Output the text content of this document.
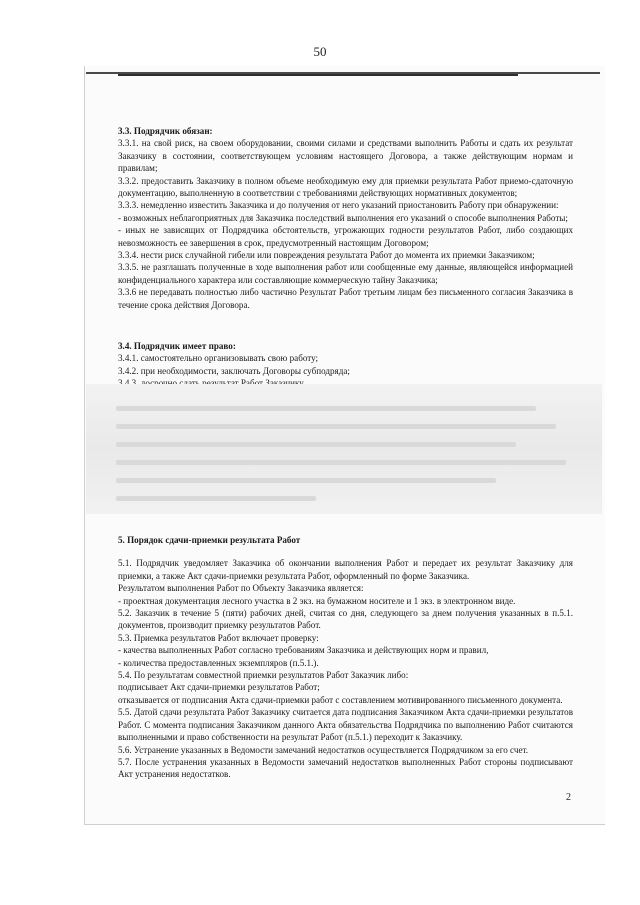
50

3.3. Подрядчик обязан:

3.3.1. на свой риск, на своем оборудовании, своими силами и средствами выполнить Работы и сдать их результат Заказчику в состоянии, соответствующем условиям настоящего Договора, а также действующим нормам и правилам;

3.3.2. предоставить Заказчику в полном объеме необходимую ему для приемки результата Работ приемо-сдаточную документацию, выполненную в соответствии с требованиями действующих нормативных документов;

3.3.3. немедленно известить Заказчика и до получения от него указаний приостановить Работу при обнаружении:

- возможных неблагоприятных для Заказчика последствий выполнения его указаний о способе выполнения Работы;

- иных не зависящих от Подрядчика обстоятельств, угрожающих годности результатов Работ, либо создающих невозможность ее завершения в срок, предусмотренный настоящим Договором;

3.3.4. нести риск случайной гибели или повреждения результата Работ до момента их приемки Заказчиком;

3.3.5. не разглашать полученные в ходе выполнения работ или сообщенные ему данные, являющейся информацией конфиденциального характера или составляющие коммерческую тайну Заказчика;

3.3.6 не передавать полностью либо частично Результат Работ третьим лицам без письменного согласия Заказчика в течение срока действия Договора.

3.4. Подрядчик имеет право:

3.4.1. самостоятельно организовывать свою работу;

3.4.2. при необходимости, заключать Договоры субподряда;

5. Порядок сдачи-приемки результата Работ

5.1. Подрядчик уведомляет Заказчика об окончании выполнения Работ и передает их результат Заказчику для приемки, а также Акт сдачи-приемки результата Работ, оформленный по форме Заказчика.

Результатом выполнения Работ по Объекту Заказчика является:

- проектная документация лесного участка в 2 экз. на бумажном носителе и 1 экз. в электронном виде.

5.2. Заказчик в течение 5 (пяти) рабочих дней, считая со дня, следующего за днем получения указанных в п.5.1. документов, производит приемку результатов Работ.

5.3. Приемка результатов Работ включает проверку:

- качества выполненных Работ согласно требованиям Заказчика и действующих норм и правил,

- количества предоставленных экземпляров (п.5.1.).

5.4. По результатам совместной приемки результатов Работ Заказчик либо:

подписывает Акт сдачи-приемки результатов Работ;

отказывается от подписания Акта сдачи-приемки работ с составлением мотивированного письменного документа.

5.5. Датой сдачи результата Работ Заказчику считается дата подписания Заказчиком Акта сдачи-приемки результатов Работ. С момента подписания Заказчиком данного Акта обязательства Подрядчика по выполнению Работ считаются выполненными и право собственности на результат Работ (п.5.1.) переходит к Заказчику.

5.6. Устранение указанных в Ведомости замечаний недостатков осуществляется Подрядчиком за его счет.

5.7. После устранения указанных в Ведомости замечаний недостатков выполненных Работ стороны подписывают Акт устранения недостатков.

2
